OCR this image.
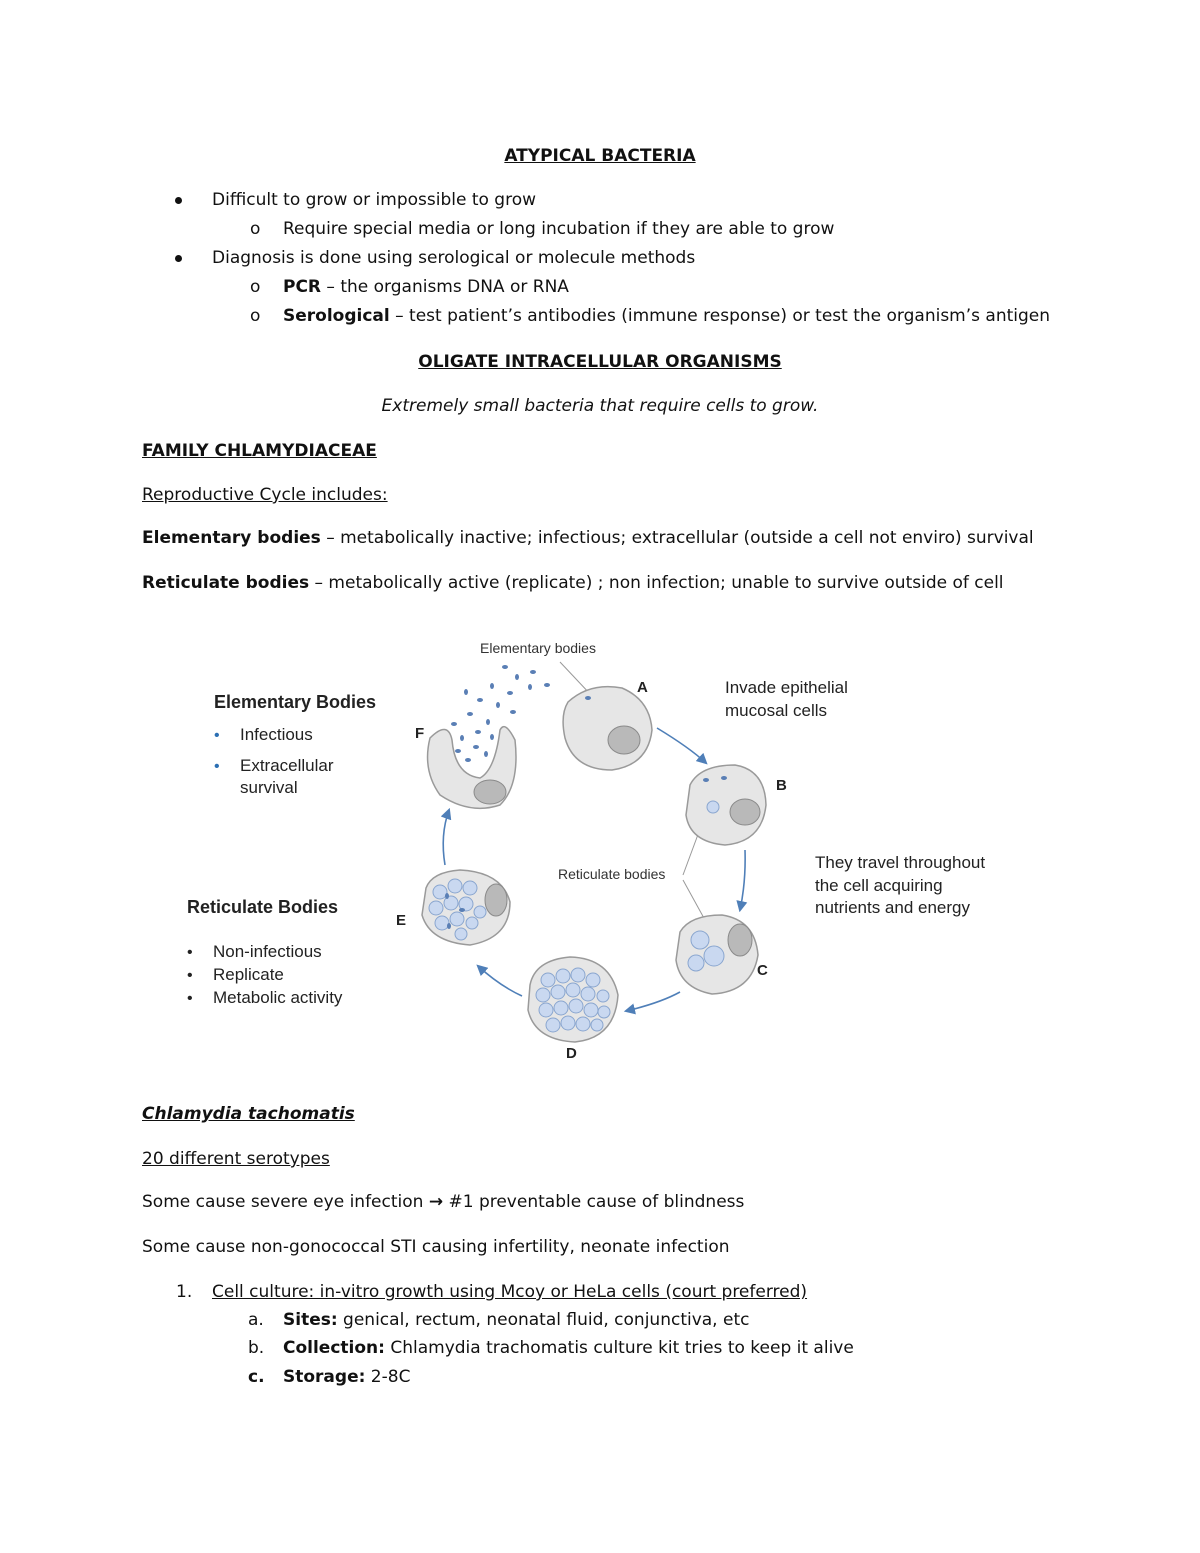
ATYPICAL BACTERIA
Difficult to grow or impossible to grow
o Require special media or long incubation if they are able to grow
Diagnosis is done using serological or molecule methods
o PCR – the organisms DNA or RNA
o Serological – test patient’s antibodies (immune response) or test the organism’s antigen
OLIGATE INTRACELLULAR ORGANISMS
Extremely small bacteria that require cells to grow.
FAMILY CHLAMYDIACEAE
Reproductive Cycle includes:
Elementary bodies – metabolically inactive; infectious; extracellular (outside a cell not enviro) survival
Reticulate bodies – metabolically active (replicate) ; non infection; unable to survive outside of cell
Elementary Bodies
• Infectious
• Extracellular
survival
Reticulate Bodies
• Non-infectious
• Replicate
• Metabolic activity
Invade epithelial
mucosal cells
They travel throughout
the cell acquiring
nutrients and energy
Elementary bodies
Reticulate bodies
A
B
C
D
E
F
Chlamydia tachomatis
20 different serotypes
Some cause severe eye infection → #1 preventable cause of blindness
Some cause non-gonococcal STI causing infertility, neonate infection
1. Cell culture: in-vitro growth using Mcoy or HeLa cells (court preferred)
a. Sites: genical, rectum, neonatal fluid, conjunctiva, etc
b. Collection: Chlamydia trachomatis culture kit tries to keep it alive
c. Storage: 2-8C
